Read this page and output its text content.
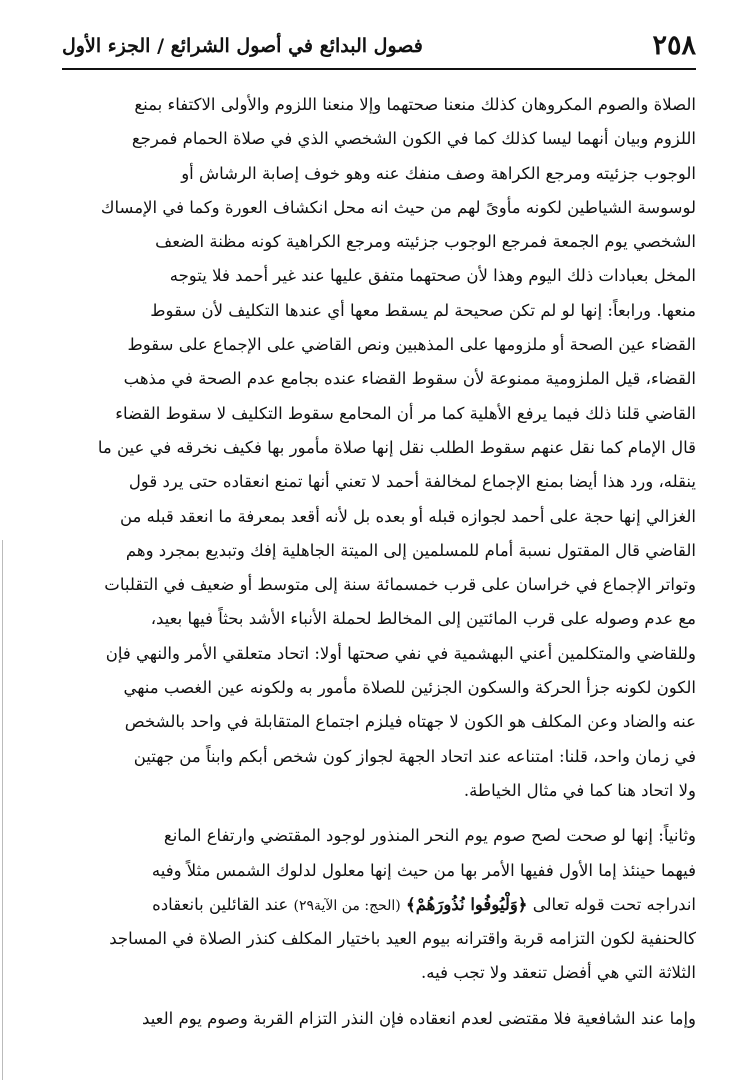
٢٥٨
فصول البدائع في أصول الشرائع / الجزء الأول
الصلاة والصوم المكروهان كذلك منعنا صحتهما وإلا منعنا اللزوم والأولى الاكتفاء بمنع
اللزوم وبيان أنهما ليسا كذلك كما في الكون الشخصي الذي في صلاة الحمام فمرجع
الوجوب جزئيته ومرجع الكراهة وصف منفك عنه وهو خوف إصابة الرشاش أو
لوسوسة الشياطين لكونه مأوىً لهم من حيث انه محل انكشاف العورة وكما في الإمساك
الشخصي يوم الجمعة فمرجع الوجوب جزئيته ومرجع الكراهية كونه مظنة الضعف
المخل بعبادات ذلك اليوم وهذا لأن صحتهما متفق عليها عند غير أحمد فلا يتوجه
منعها. ورابعاً: إنها لو لم تكن صحيحة لم يسقط معها أي عندها التكليف لأن سقوط
القضاء عين الصحة أو ملزومها على المذهبين ونص القاضي على الإجماع على سقوط
القضاء، قيل الملزومية ممنوعة لأن سقوط القضاء عنده بجامع عدم الصحة في مذهب
القاضي قلنا ذلك فيما يرفع الأهلية كما مر أن المحامع سقوط التكليف لا سقوط القضاء
قال الإمام كما نقل عنهم سقوط الطلب نقل إنها صلاة مأمور بها فكيف نخرقه في عين ما
ينقله، ورد هذا أيضا بمنع الإجماع لمخالفة أحمد لا تعني أنها تمنع انعقاده حتى يرد قول
الغزالي إنها حجة على أحمد لجوازه قبله أو بعده بل لأنه أقعد بمعرفة ما انعقد قبله من
القاضي قال المقتول نسبة أمام للمسلمين إلى الميتة الجاهلية إفك وتبديع بمجرد وهم
وتواتر الإجماع في خراسان على قرب خمسمائة سنة إلى متوسط أو ضعيف في التقلبات
مع عدم وصوله على قرب المائتين إلى المخالط لحملة الأنباء الأشد بحثاً فيها بعيد،
وللقاضي والمتكلمين أعني البهشمية في نفي صحتها أولا: اتحاد متعلقي الأمر والنهي فإن
الكون لكونه جزأ الحركة والسكون الجزئين للصلاة مأمور به ولكونه عين الغصب منهي
عنه والضاد وعن المكلف هو الكون لا جهتاه فيلزم اجتماع المتقابلة في واحد بالشخص
في زمان واحد، قلنا: امتناعه عند اتحاد الجهة لجواز كون شخص أبكم وابناً من جهتين
ولا اتحاد هنا كما في مثال الخياطة.
وثانياً: إنها لو صحت لصح صوم يوم النحر المنذور لوجود المقتضي وارتفاع المانع
فيهما حينئذ إما الأول ففيها الأمر بها من حيث إنها معلول لدلوك الشمس مثلاً وفيه
اندراجه تحت قوله تعالى ﴿وَلْيُوفُوا نُذُورَهُمْ﴾ (الحج: من الآية٢٩) عند القائلين بانعقاده
كالحنفية لكون التزامه قربة واقترانه بيوم العيد باختيار المكلف كنذر الصلاة في المساجد
الثلاثة التي هي أفضل تنعقد ولا تجب فيه.
وإما عند الشافعية فلا مقتضى لعدم انعقاده فإن النذر التزام القربة وصوم يوم العيد
